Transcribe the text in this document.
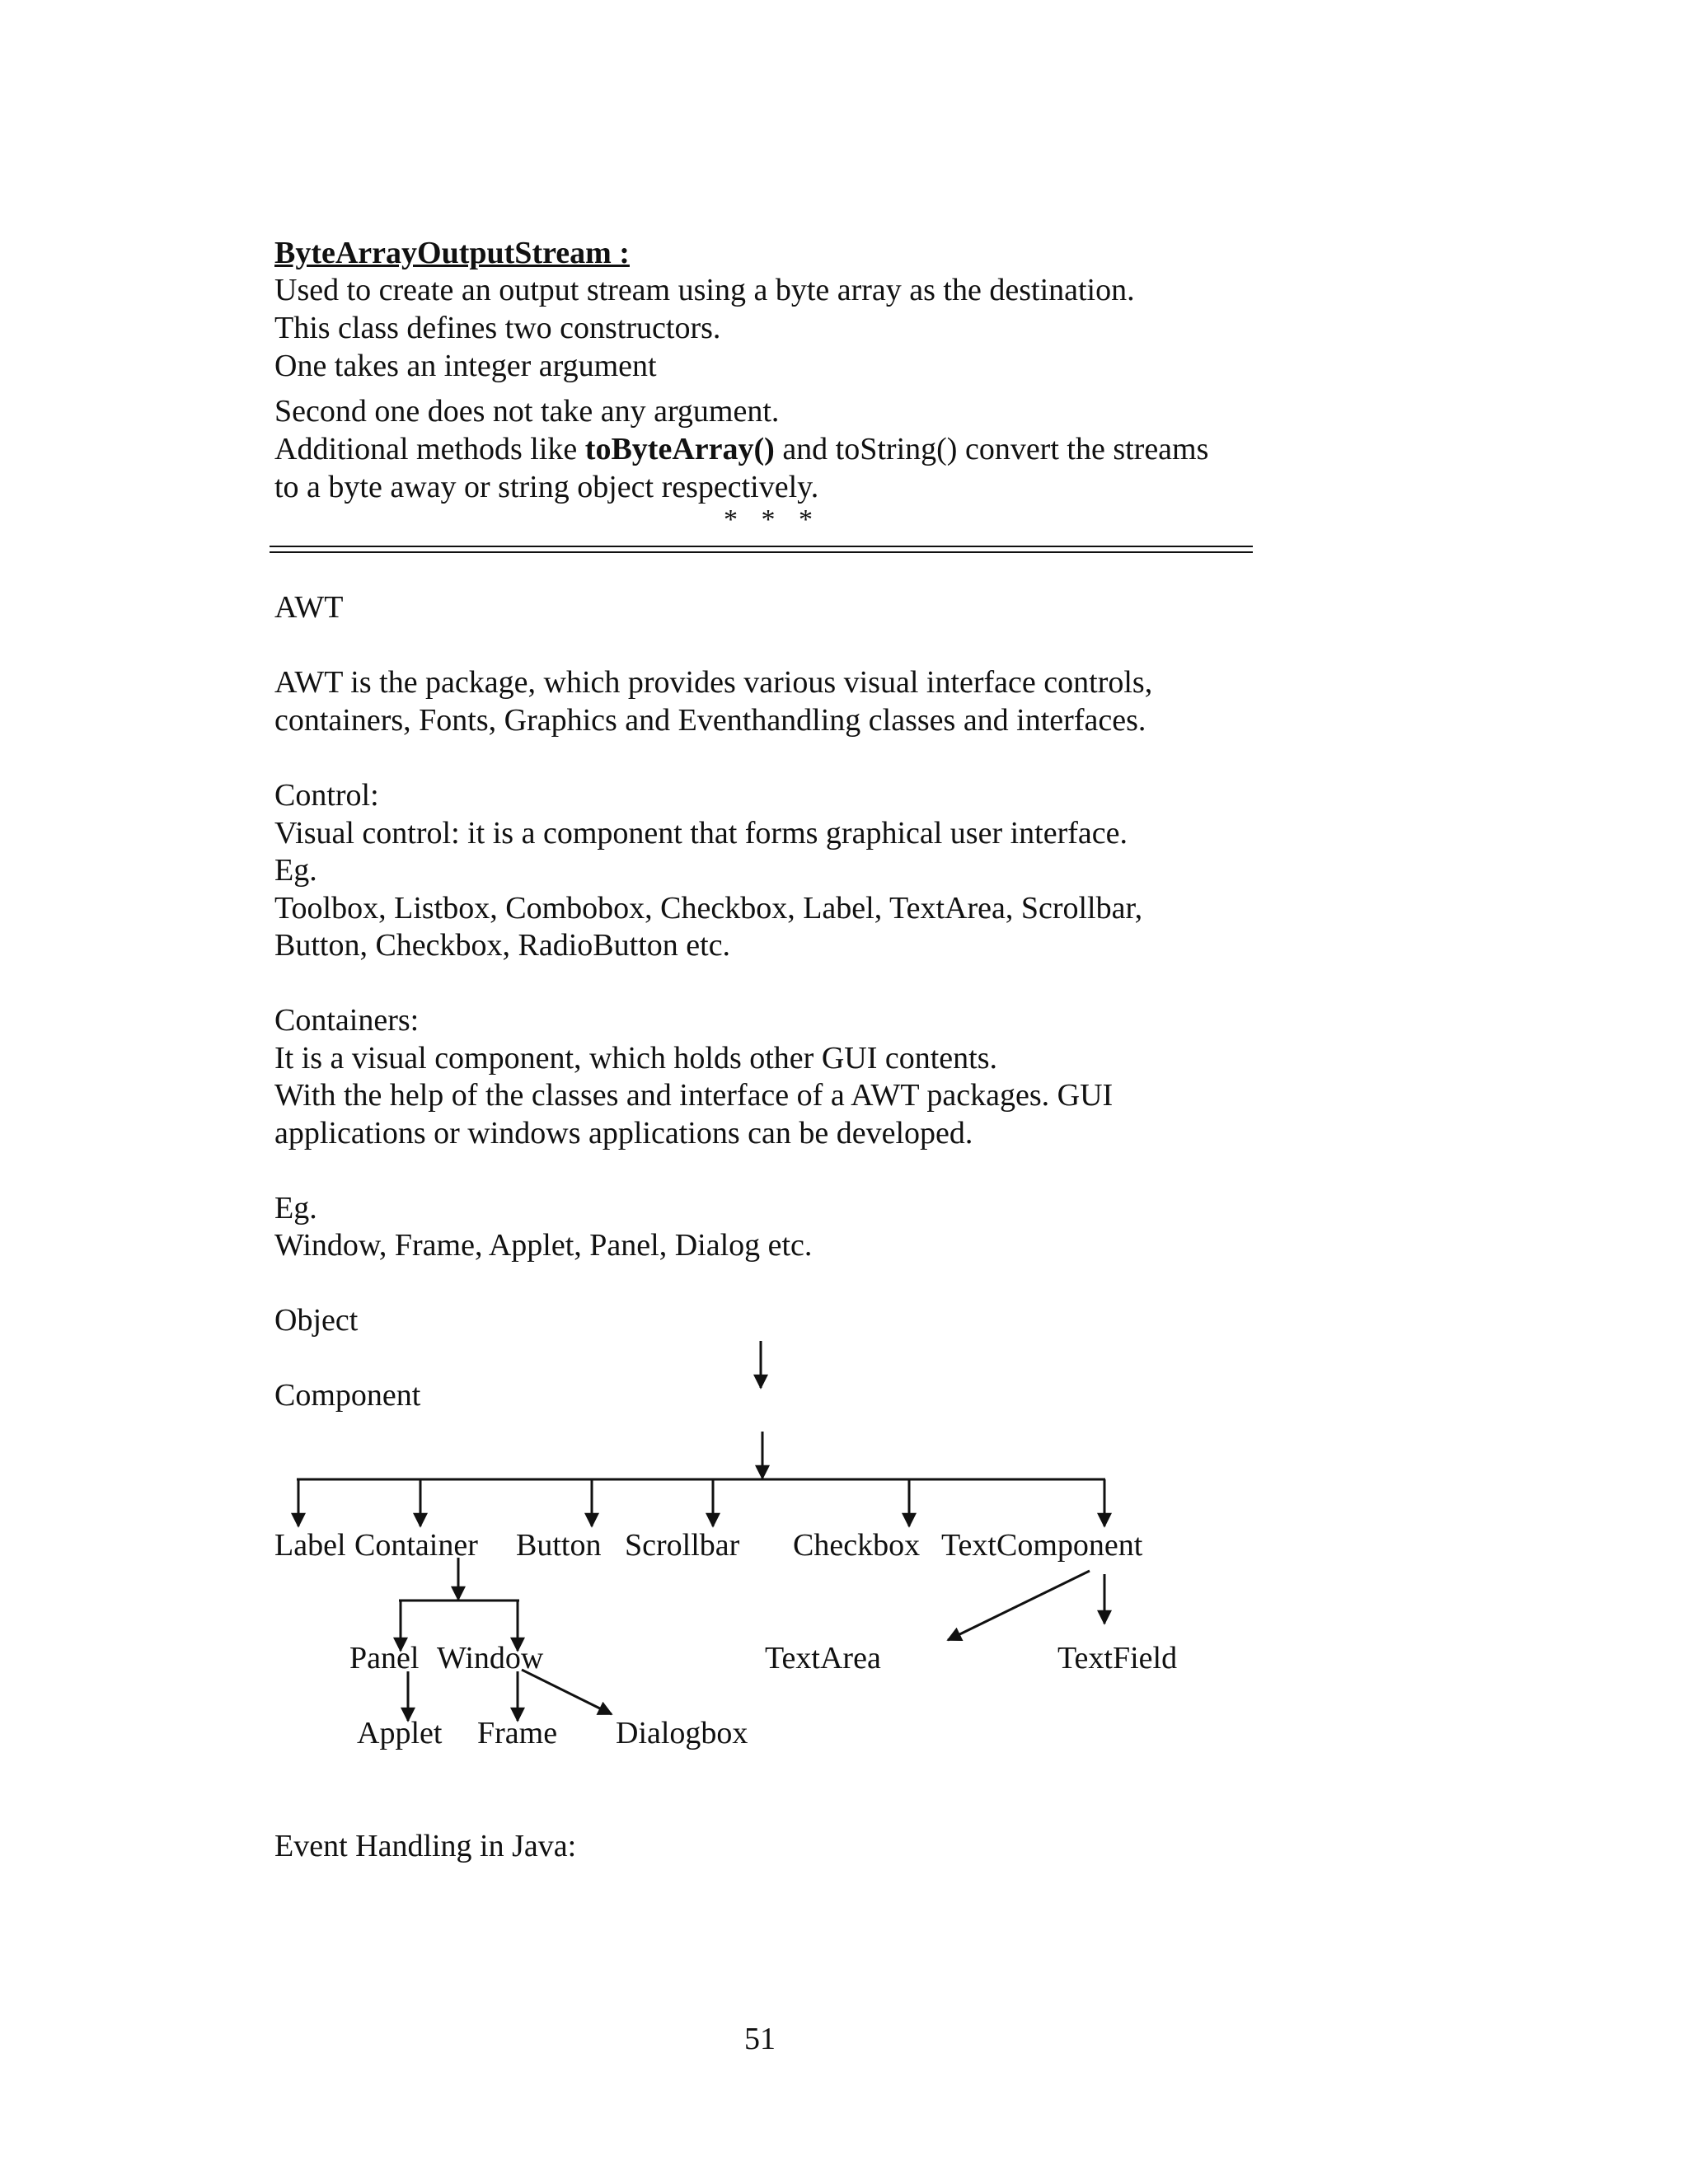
ByteArrayOutputStream :
Used to create an output stream using a byte array as the destination.
This class defines two constructors.
One takes an integer argument
Second one does not take any argument.
Additional methods like toByteArray() and toString() convert the streams
to a byte away or string object respectively.
* * *
AWT
AWT is the package, which provides various visual interface controls,
containers, Fonts, Graphics and Eventhandling classes and interfaces.
Control:
Visual control: it is a component that forms graphical user interface.
Eg.
Toolbox, Listbox, Combobox, Checkbox, Label, TextArea, Scrollbar,
Button, Checkbox, RadioButton etc.
Containers:
It is a visual component, which holds other GUI contents.
With the help of the classes and interface of a AWT packages. GUI
applications or windows applications can be developed.
Eg.
Window, Frame, Applet, Panel, Dialog etc.
Object
Component
Label Container Button Scrollbar Checkbox TextComponent
Panel Window	TextArea	TextField
Applet Frame Dialogbox
Event Handling in Java:
51
